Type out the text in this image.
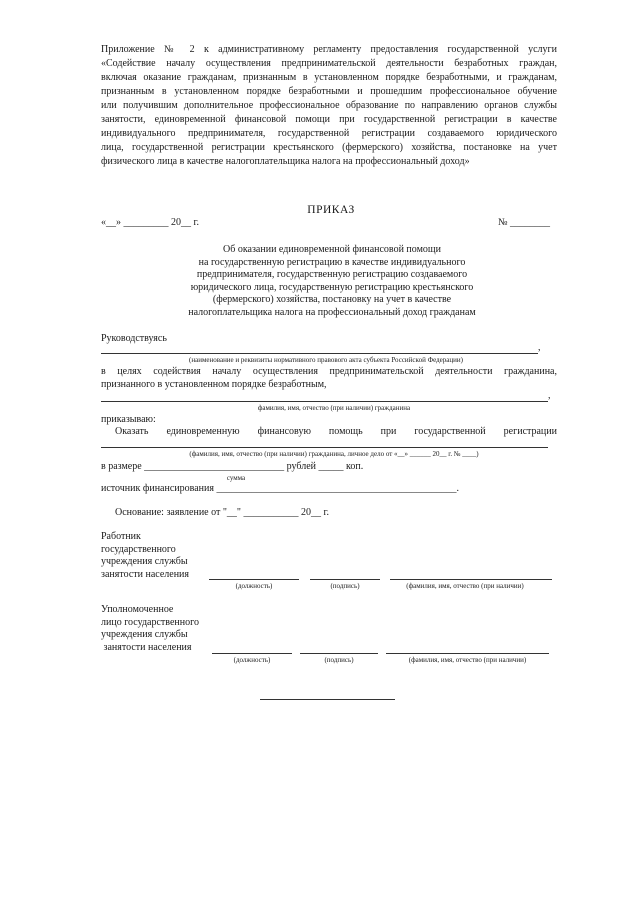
Приложение № 2 к административному регламенту предоставления государственной услуги
«Содействие началу осуществления предпринимательской деятельности безработных граждан,
включая оказание гражданам, признанным в установленном порядке безработными, и гражданам,
признанным в установленном порядке безработными и прошедшим профессиональное обучение
или получившим дополнительное профессиональное образование по направлению органов службы
занятости, единовременной финансовой помощи при государственной регистрации в качестве
индивидуального предпринимателя, государственной регистрации создаваемого юридического
лица, государственной регистрации крестьянского (фермерского) хозяйства, постановке на учет
физического лица в качестве налогоплательщика налога на профессиональный доход»
ПРИКАЗ
«__» _________ 20__ г.	№ ________
Об оказании единовременной финансовой помощи
на государственную регистрацию в качестве индивидуального
предпринимателя, государственную регистрацию создаваемого
юридического лица, государственную регистрацию крестьянского
(фермерского) хозяйства, постановку на учет в качестве
налогоплательщика налога на профессиональный доход гражданам
Руководствуясь
,
(наименование и реквизиты нормативного правового акта субъекта Российской Федерации)
в целях содействия началу осуществления предпринимательской деятельности гражданина,
признанного в установленном порядке безработным,
,
фамилия, имя, отчество (при наличии) гражданина
приказываю:
Оказать единовременную финансовую помощь при государственной регистрации
(фамилия, имя, отчество (при наличии) гражданина, личное дело от «__» ______ 20__ г. № ____)
в размере ____________________________ рублей _____ коп.
сумма
источник финансирования ________________________________________________.
Основание: заявление от "__" ___________ 20__ г.
Работник
государственного
учреждения службы
занятости населения
(должность)	(подпись)	(фамилия, имя, отчество (при наличии)
Уполномоченное
лицо государственного
учреждения службы
занятости населения
(должность)	(подпись)	(фамилия, имя, отчество (при наличии)
